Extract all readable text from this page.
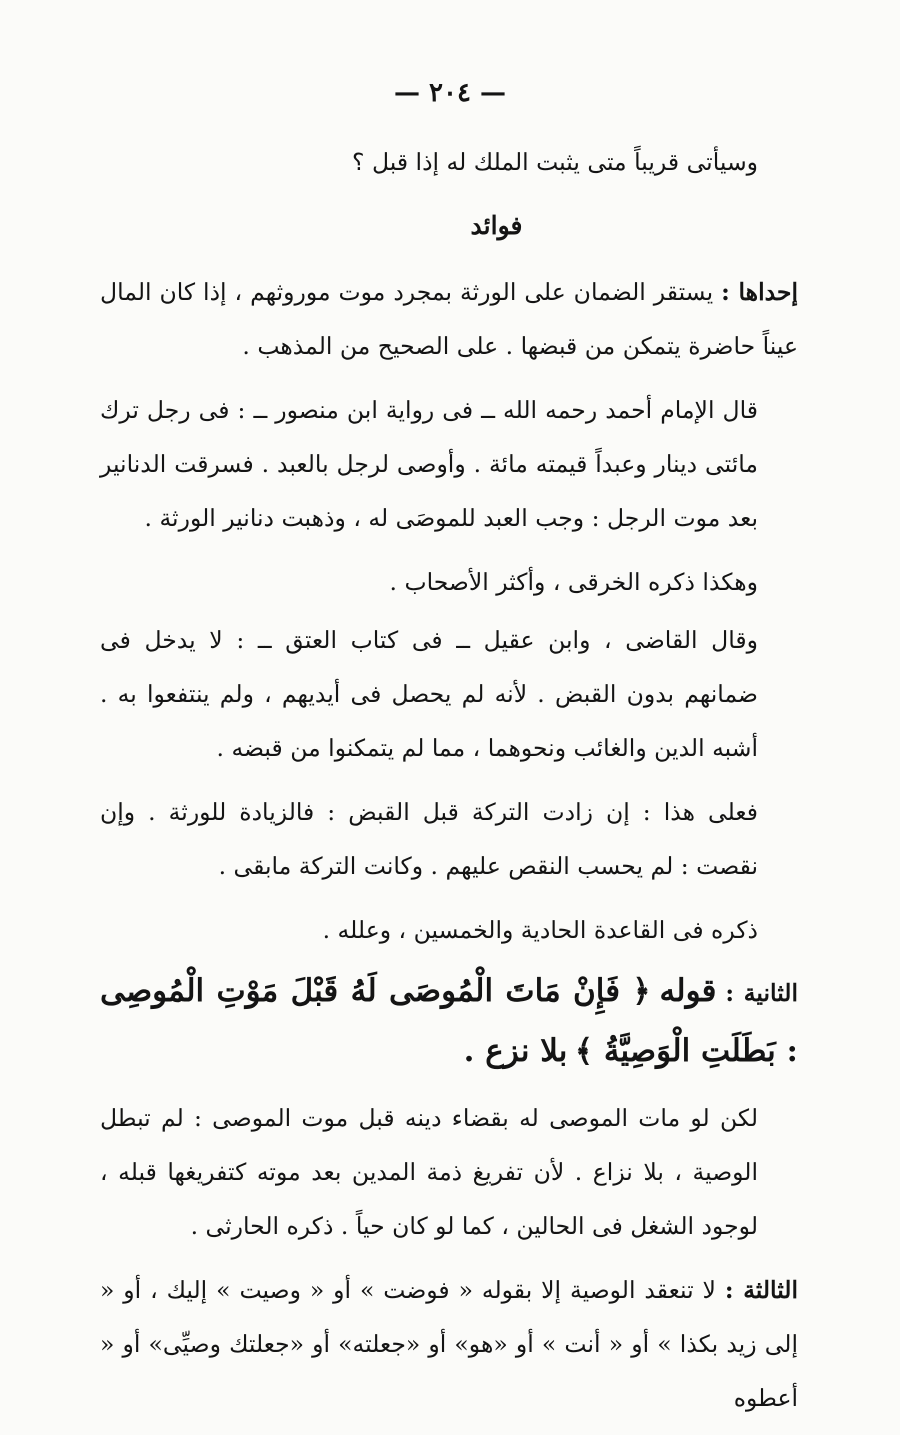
— ٢٠٤ —

وسيأتى قريباً متى يثبت الملك له إذا قبل ؟

فوائد

إحداها : يستقر الضمان على الورثة بمجرد موت موروثهم ، إذا كان المال عيناً حاضرة يتمكن من قبضها . على الصحيح من المذهب .

قال الإمام أحمد رحمه الله ــ فى رواية ابن منصور ــ : فى رجل ترك مائتى دينار وعبداً قيمته مائة . وأوصى لرجل بالعبد . فسرقت الدنانير بعد موت الرجل : وجب العبد للموصَى له ، وذهبت دنانير الورثة .

وهكذا ذكره الخرقى ، وأكثر الأصحاب .

وقال القاضى ، وابن عقيل ــ فى كتاب العتق ــ : لا يدخل فى ضمانهم بدون القبض . لأنه لم يحصل فى أيديهم ، ولم ينتفعوا به . أشبه الدين والغائب ونحوهما ، مما لم يتمكنوا من قبضه .

فعلى هذا : إن زادت التركة قبل القبض : فالزيادة للورثة . وإن نقصت : لم يحسب النقص عليهم . وكانت التركة مابقى .

ذكره فى القاعدة الحادية والخمسين ، وعلله .

الثانية : قوله ﴿ فَإِنْ مَاتَ الْمُوصَى لَهُ قَبْلَ مَوْتِ الْمُوصِى : بَطَلَتِ الْوَصِيَّةُ ﴾ بلا نزع .

لكن لو مات الموصى له بقضاء دينه قبل موت الموصى : لم تبطل الوصية ، بلا نزاع . لأن تفريغ ذمة المدين بعد موته كتفريغها قبله ، لوجود الشغل فى الحالين ، كما لو كان حياً . ذكره الحارثى .

الثالثة : لا تنعقد الوصية إلا بقوله « فوضت » أو « وصيت » إليك ، أو « إلى زيد بكذا » أو « أنت » أو «هو» أو «جعلته» أو «جعلتك وصيِّى» أو « أعطوه
